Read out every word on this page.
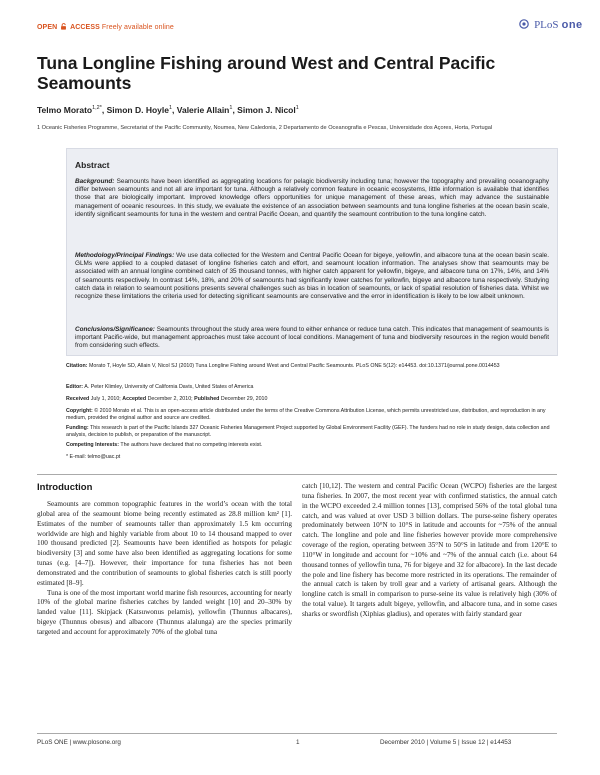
OPEN ACCESS Freely available online	PLoS one
Tuna Longline Fishing around West and Central Pacific Seamounts
Telmo Morato$^{1,2*}$, Simon D. Hoyle$^1$, Valerie Allain$^1$, Simon J. Nicol$^1$
1 Oceanic Fisheries Programme, Secretariat of the Pacific Community, Noumea, New Caledonia, 2 Departamento de Oceanografia e Pescas, Universidade dos Açores, Horta, Portugal
Abstract

Background: Seamounts have been identified as aggregating locations for pelagic biodiversity including tuna; however the topography and prevailing oceanography differ between seamounts and not all are important for tuna. Although a relatively common feature in oceanic ecosystems, little information is available that identifies those that are biologically important. Improved knowledge offers opportunities for unique management of these areas, which may advance the sustainable management of oceanic resources. In this study, we evaluate the existence of an association between seamounts and tuna longline fisheries at the ocean basin scale, identify significant seamounts for tuna in the western and central Pacific Ocean, and quantify the seamount contribution to the tuna longline catch.

Methodology/Principal Findings: We use data collected for the Western and Central Pacific Ocean for bigeye, yellowfin, and albacore tuna at the ocean basin scale. GLMs were applied to a coupled dataset of longline fisheries catch and effort, and seamount location information. The analyses show that seamounts may be associated with an annual longline combined catch of 35 thousand tonnes, with higher catch apparent for yellowfin, bigeye, and albacore tuna on 17%, 14%, and 14% of seamounts respectively. In contrast 14%, 18%, and 20% of seamounts had significantly lower catches for yellowfin, bigeye and albacore tuna respectively. Studying catch data in relation to seamount positions presents several challenges such as bias in location of seamounts, or lack of spatial resolution of fisheries data. Whilst we recognize these limitations the criteria used for detecting significant seamounts are conservative and the error in identification is likely to be low albeit unknown.

Conclusions/Significance: Seamounts throughout the study area were found to either enhance or reduce tuna catch. This indicates that management of seamounts is important Pacific-wide, but management approaches must take account of local conditions. Management of tuna and biodiversity resources in the region would benefit from considering such effects.

Citation: Morato T, Hoyle SD, Allain V, Nicol SJ (2010) Tuna Longline Fishing around West and Central Pacific Seamounts. PLoS ONE 5(12): e14453. doi:10.1371/journal.pone.0014453

Editor: A. Peter Klimley, University of California Davis, United States of America

Received July 1, 2010; Accepted December 2, 2010; Published December 29, 2010

Copyright: © 2010 Morato et al. This is an open-access article distributed under the terms of the Creative Commons Attribution License, which permits unrestricted use, distribution, and reproduction in any medium, provided the original author and source are credited.

Funding: This research is part of the Pacific Islands 327 Oceanic Fisheries Management Project supported by Global Environment Facility (GEF). The funders had no role in study design, data collection and analysis, decision to publish, or preparation of the manuscript.

Competing Interests: The authors have declared that no competing interests exist.

* E-mail: telmo@uac.pt

Introduction

Seamounts are common topographic features in the world’s ocean with the total global area of the seamount biome being recently estimated as 28.8 million km² [1]. Estimates of the number of seamounts taller than approximately 1.5 km occurring worldwide are high and highly variable from about 10 to 14 thousand mapped to over 100 thousand predicted [2]. Seamounts have been identified as hotspots for pelagic biodiversity [3] and some have also been identified as aggregating locations for some tunas (e.g. [4–7]). However, their importance for tuna fisheries has not been demonstrated and the contribution of seamounts to global fisheries catch is still poorly estimated [8–9].

Tuna is one of the most important world marine fish resources, accounting for nearly 10% of the global marine fisheries catches by landed weight [10] and 20–30% by landed value [11]. Skipjack (Katsuwonus pelamis), yellowfin (Thunnus albacares), bigeye (Thunnus obesus) and albacore (Thunnus alalunga) are the species primarily targeted and account for approximately 70% of the global tuna

catch [10,12]. The western and central Pacific Ocean (WCPO) fisheries are the largest tuna fisheries. In 2007, the most recent year with confirmed statistics, the annual catch in the WCPO exceeded 2.4 million tonnes [13], comprised 56% of the total global tuna catch, and was valued at over USD 3 billion dollars. The purse-seine fishery operates predominately between 10°N to 10°S in latitude and accounts for ~75% of the annual catch. The longline and pole and line fisheries however provide more comprehensive coverage of the region, operating between 35°N to 50°S in latitude and from 120°E to 110°W in longitude and account for ~10% and ~7% of the annual catch (i.e. about 64 thousand tonnes of yellowfin tuna, 76 for bigeye and 32 for albacore). In the last decade the pole and line fishery has become more restricted in its operations. The remainder of the annual catch is taken by troll gear and a variety of artisanal gears. Although the longline catch is small in comparison to purse-seine its value is relatively high (30% of the total value). It targets adult bigeye, yellowfin, and albacore tuna, and in some cases sharks or swordfish (Xiphias gladius), and operates with fairly standard gear

PLoS ONE | www.plosone.org	1	December 2010 | Volume 5 | Issue 12 | e14453
